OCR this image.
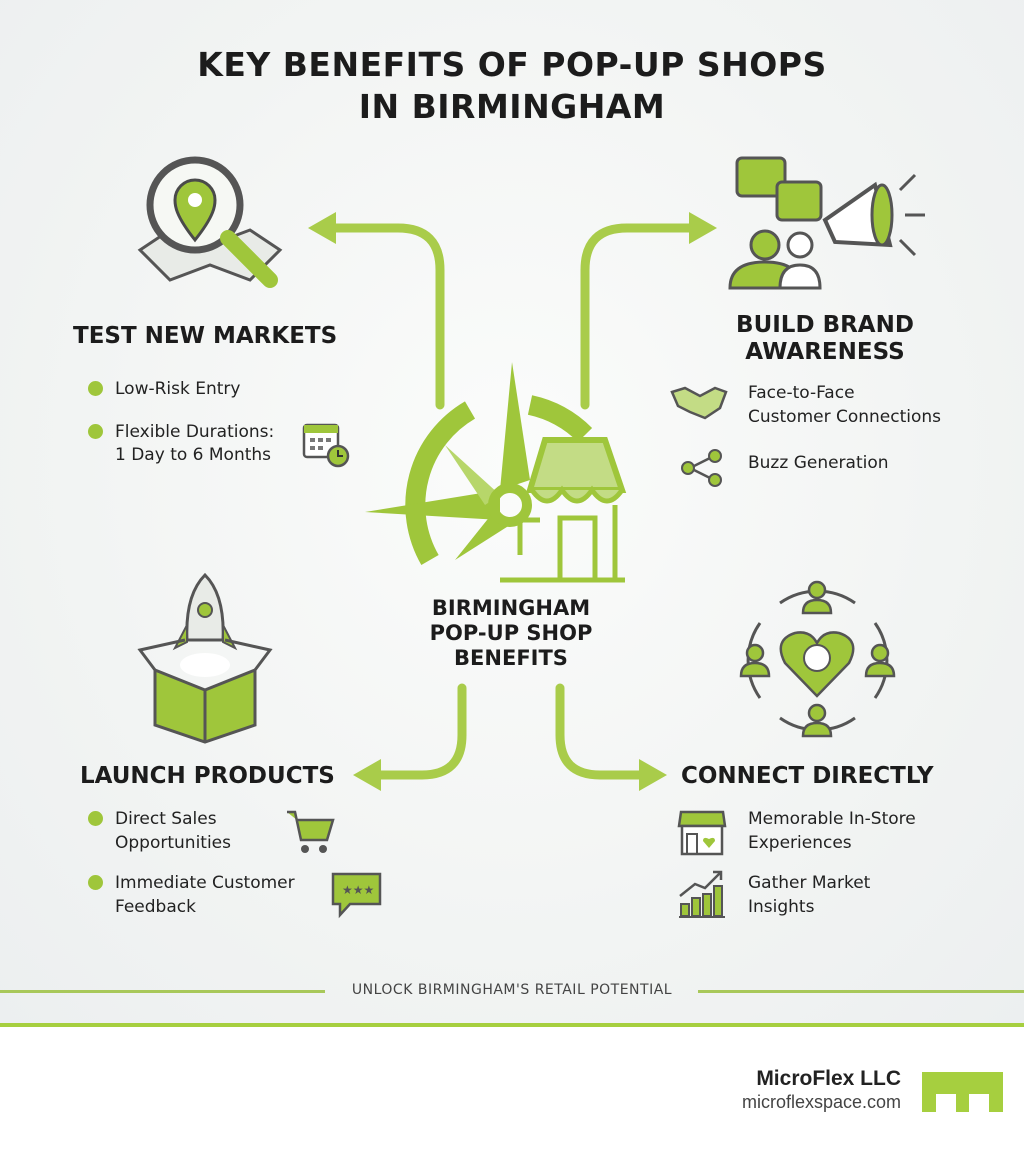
KEY BENEFITS OF POP-UP SHOPS
IN BIRMINGHAM
BIRMINGHAM
POP-UP SHOP
BENEFITS
TEST NEW MARKETS
Low-Risk Entry
Flexible Durations:
1 Day to 6 Months
BUILD BRAND
AWARENESS
Face-to-Face
Customer Connections
Buzz Generation
LAUNCH PRODUCTS
Direct Sales
Opportunities
Immediate Customer
Feedback
★★★
CONNECT DIRECTLY
Memorable In-Store
Experiences
Gather Market
Insights
UNLOCK BIRMINGHAM'S RETAIL POTENTIAL
MicroFlex LLC
microflexspace.com
